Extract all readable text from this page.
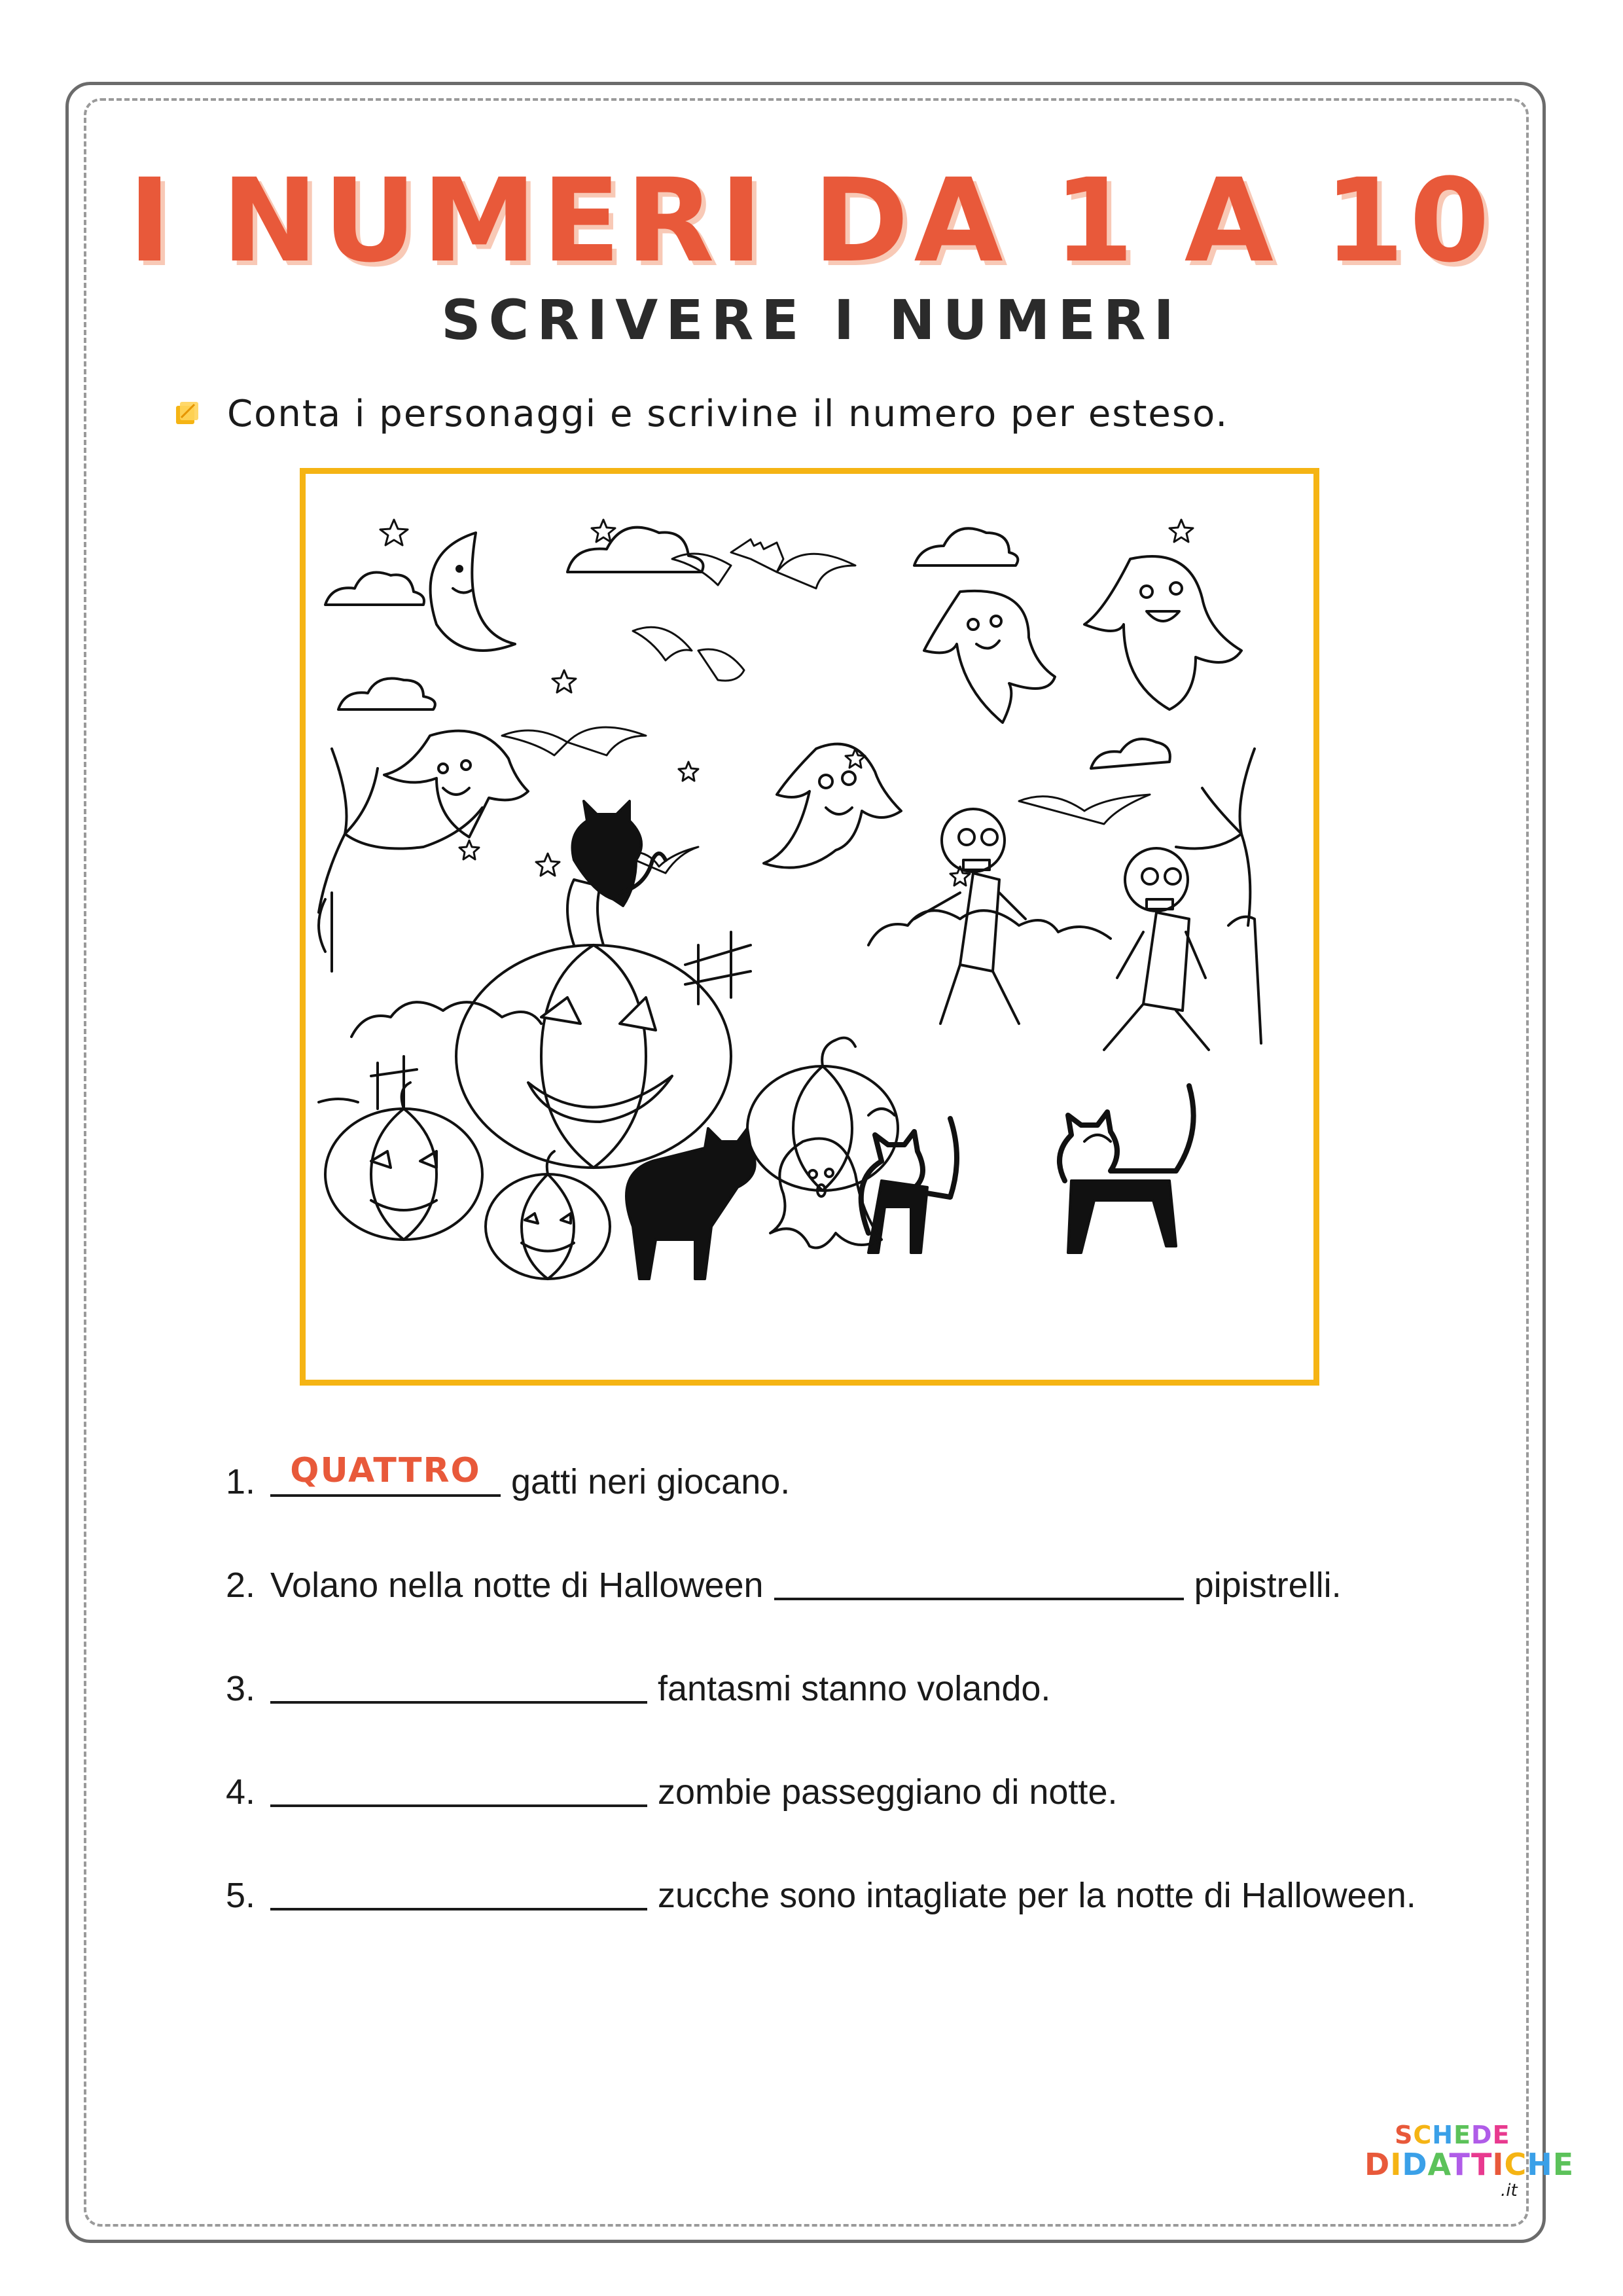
I NUMERI DA 1 A 10
SCRIVERE I NUMERI
Conta i personaggi e scrivine il numero per esteso.
1.	QUATTRO gatti neri giocano.
2. Volano nella notte di Halloween	pipistrelli.
3.	fantasmi stanno volando.
4.	zombie passeggiano di notte.
5.	zucche sono intagliate per la notte di Halloween.
SCHEDE
DIDATTICHE
.it
